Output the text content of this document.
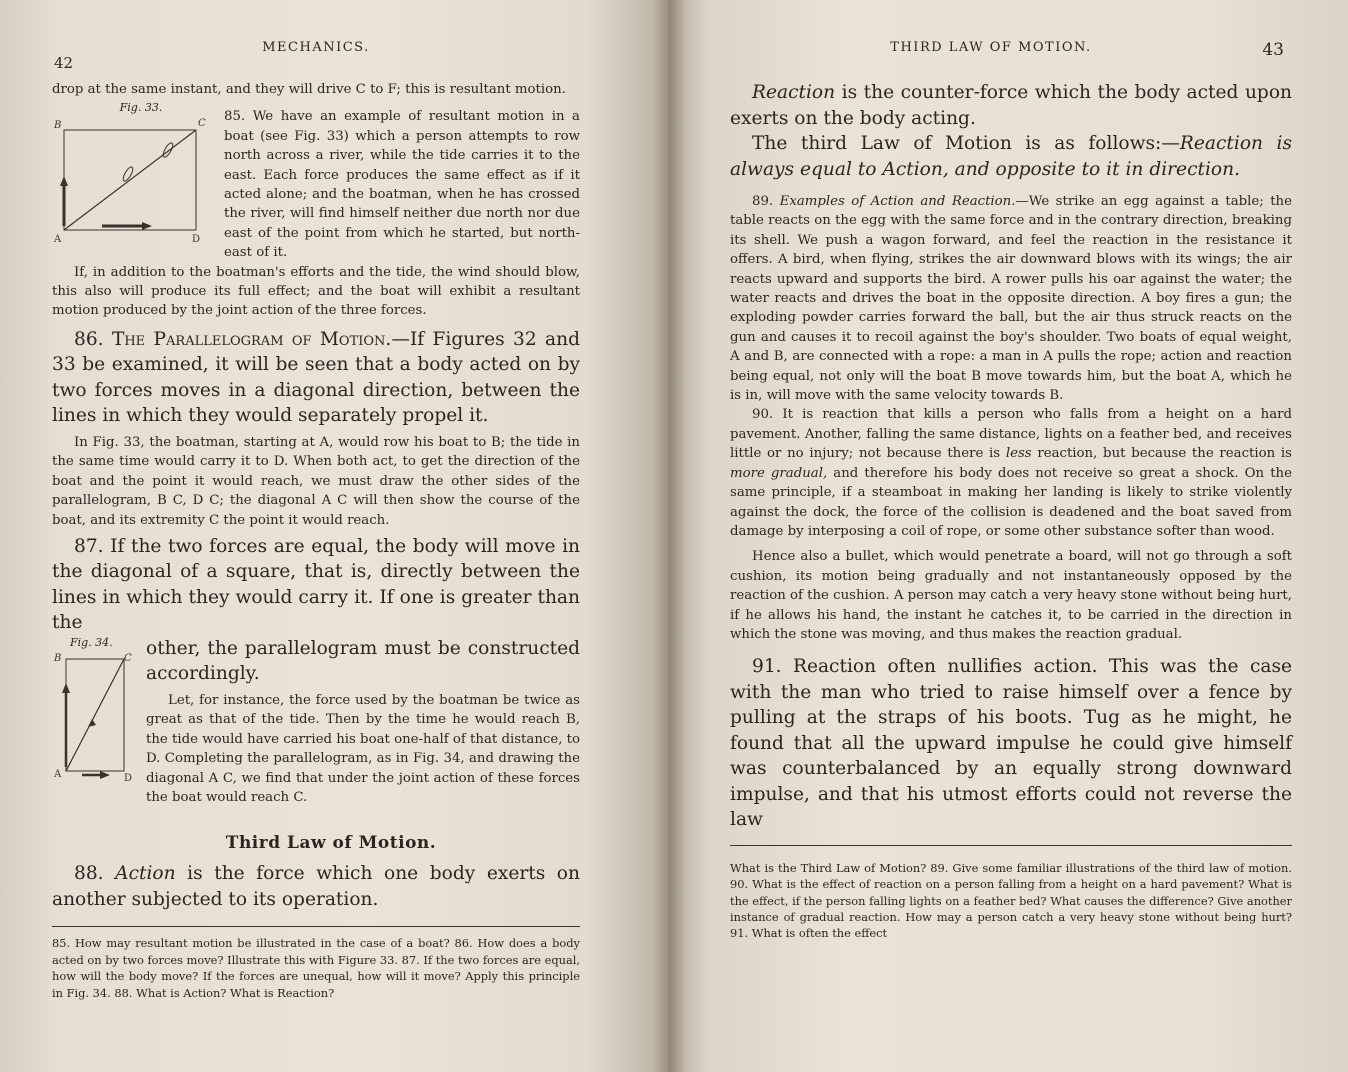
42
MECHANICS.

drop at the same instant, and they will drive C to F; this is resultant motion.

Fig. 33.
B	C
A	D

85. We have an example of resultant motion in a boat (see Fig. 33) which a person attempts to row north across a river, while the tide carries it to the east. Each force produces the same effect as if it acted alone; and the boatman, when he has crossed the river, will find himself neither due north nor due east of the point from which he started, but north-east of it.

If, in addition to the boatman's efforts and the tide, the wind should blow, this also will produce its full effect; and the boat will exhibit a resultant motion produced by the joint action of the three forces.

86. The Parallelogram of Motion.—If Figures 32 and 33 be examined, it will be seen that a body acted on by two forces moves in a diagonal direction, between the lines in which they would separately propel it.

In Fig. 33, the boatman, starting at A, would row his boat to B; the tide in the same time would carry it to D. When both act, to get the direction of the boat and the point it would reach, we must draw the other sides of the parallelogram, B C, D C; the diagonal A C will then show the course of the boat, and its extremity C the point it would reach.

87. If the two forces are equal, the body will move in the diagonal of a square, that is, directly between the lines in which they would carry it. If one is greater than the

Fig. 34.
B	C
A	D

other, the parallelogram must be constructed accordingly.

Let, for instance, the force used by the boatman be twice as great as that of the tide. Then by the time he would reach B, the tide would have carried his boat one-half of that distance, to D. Completing the parallelogram, as in Fig. 34, and drawing the diagonal A C, we find that under the joint action of these forces the boat would reach C.

Third Law of Motion.

88. Action is the force which one body exerts on another subjected to its operation.

85. How may resultant motion be illustrated in the case of a boat? 86. How does a body acted on by two forces move? Illustrate this with Figure 33. 87. If the two forces are equal, how will the body move? If the forces are unequal, how will it move? Apply this principle in Fig. 34. 88. What is Action? What is Reaction?

THIRD LAW OF MOTION.	43

Reaction is the counter-force which the body acted upon exerts on the body acting.

The third Law of Motion is as follows:—Reaction is always equal to Action, and opposite to it in direction.

89. Examples of Action and Reaction.—We strike an egg against a table; the table reacts on the egg with the same force and in the contrary direction, breaking its shell. We push a wagon forward, and feel the reaction in the resistance it offers. A bird, when flying, strikes the air downward blows with its wings; the air reacts upward and supports the bird. A rower pulls his oar against the water; the water reacts and drives the boat in the opposite direction. A boy fires a gun; the exploding powder carries forward the ball, but the air thus struck reacts on the gun and causes it to recoil against the boy's shoulder. Two boats of equal weight, A and B, are connected with a rope: a man in A pulls the rope; action and reaction being equal, not only will the boat B move towards him, but the boat A, which he is in, will move with the same velocity towards B.

90. It is reaction that kills a person who falls from a height on a hard pavement. Another, falling the same distance, lights on a feather bed, and receives little or no injury; not because there is less reaction, but because the reaction is more gradual, and therefore his body does not receive so great a shock. On the same principle, if a steamboat in making her landing is likely to strike violently against the dock, the force of the collision is deadened and the boat saved from damage by interposing a coil of rope, or some other substance softer than wood.

Hence also a bullet, which would penetrate a board, will not go through a soft cushion, its motion being gradually and not instantaneously opposed by the reaction of the cushion. A person may catch a very heavy stone without being hurt, if he allows his hand, the instant he catches it, to be carried in the direction in which the stone was moving, and thus makes the reaction gradual.

91. Reaction often nullifies action. This was the case with the man who tried to raise himself over a fence by pulling at the straps of his boots. Tug as he might, he found that all the upward impulse he could give himself was counterbalanced by an equally strong downward impulse, and that his utmost efforts could not reverse the law

What is the Third Law of Motion? 89. Give some familiar illustrations of the third law of motion. 90. What is the effect of reaction on a person falling from a height on a hard pavement? What is the effect, if the person falling lights on a feather bed? What causes the difference? Give another instance of gradual reaction. How may a person catch a very heavy stone without being hurt? 91. What is often the effect
